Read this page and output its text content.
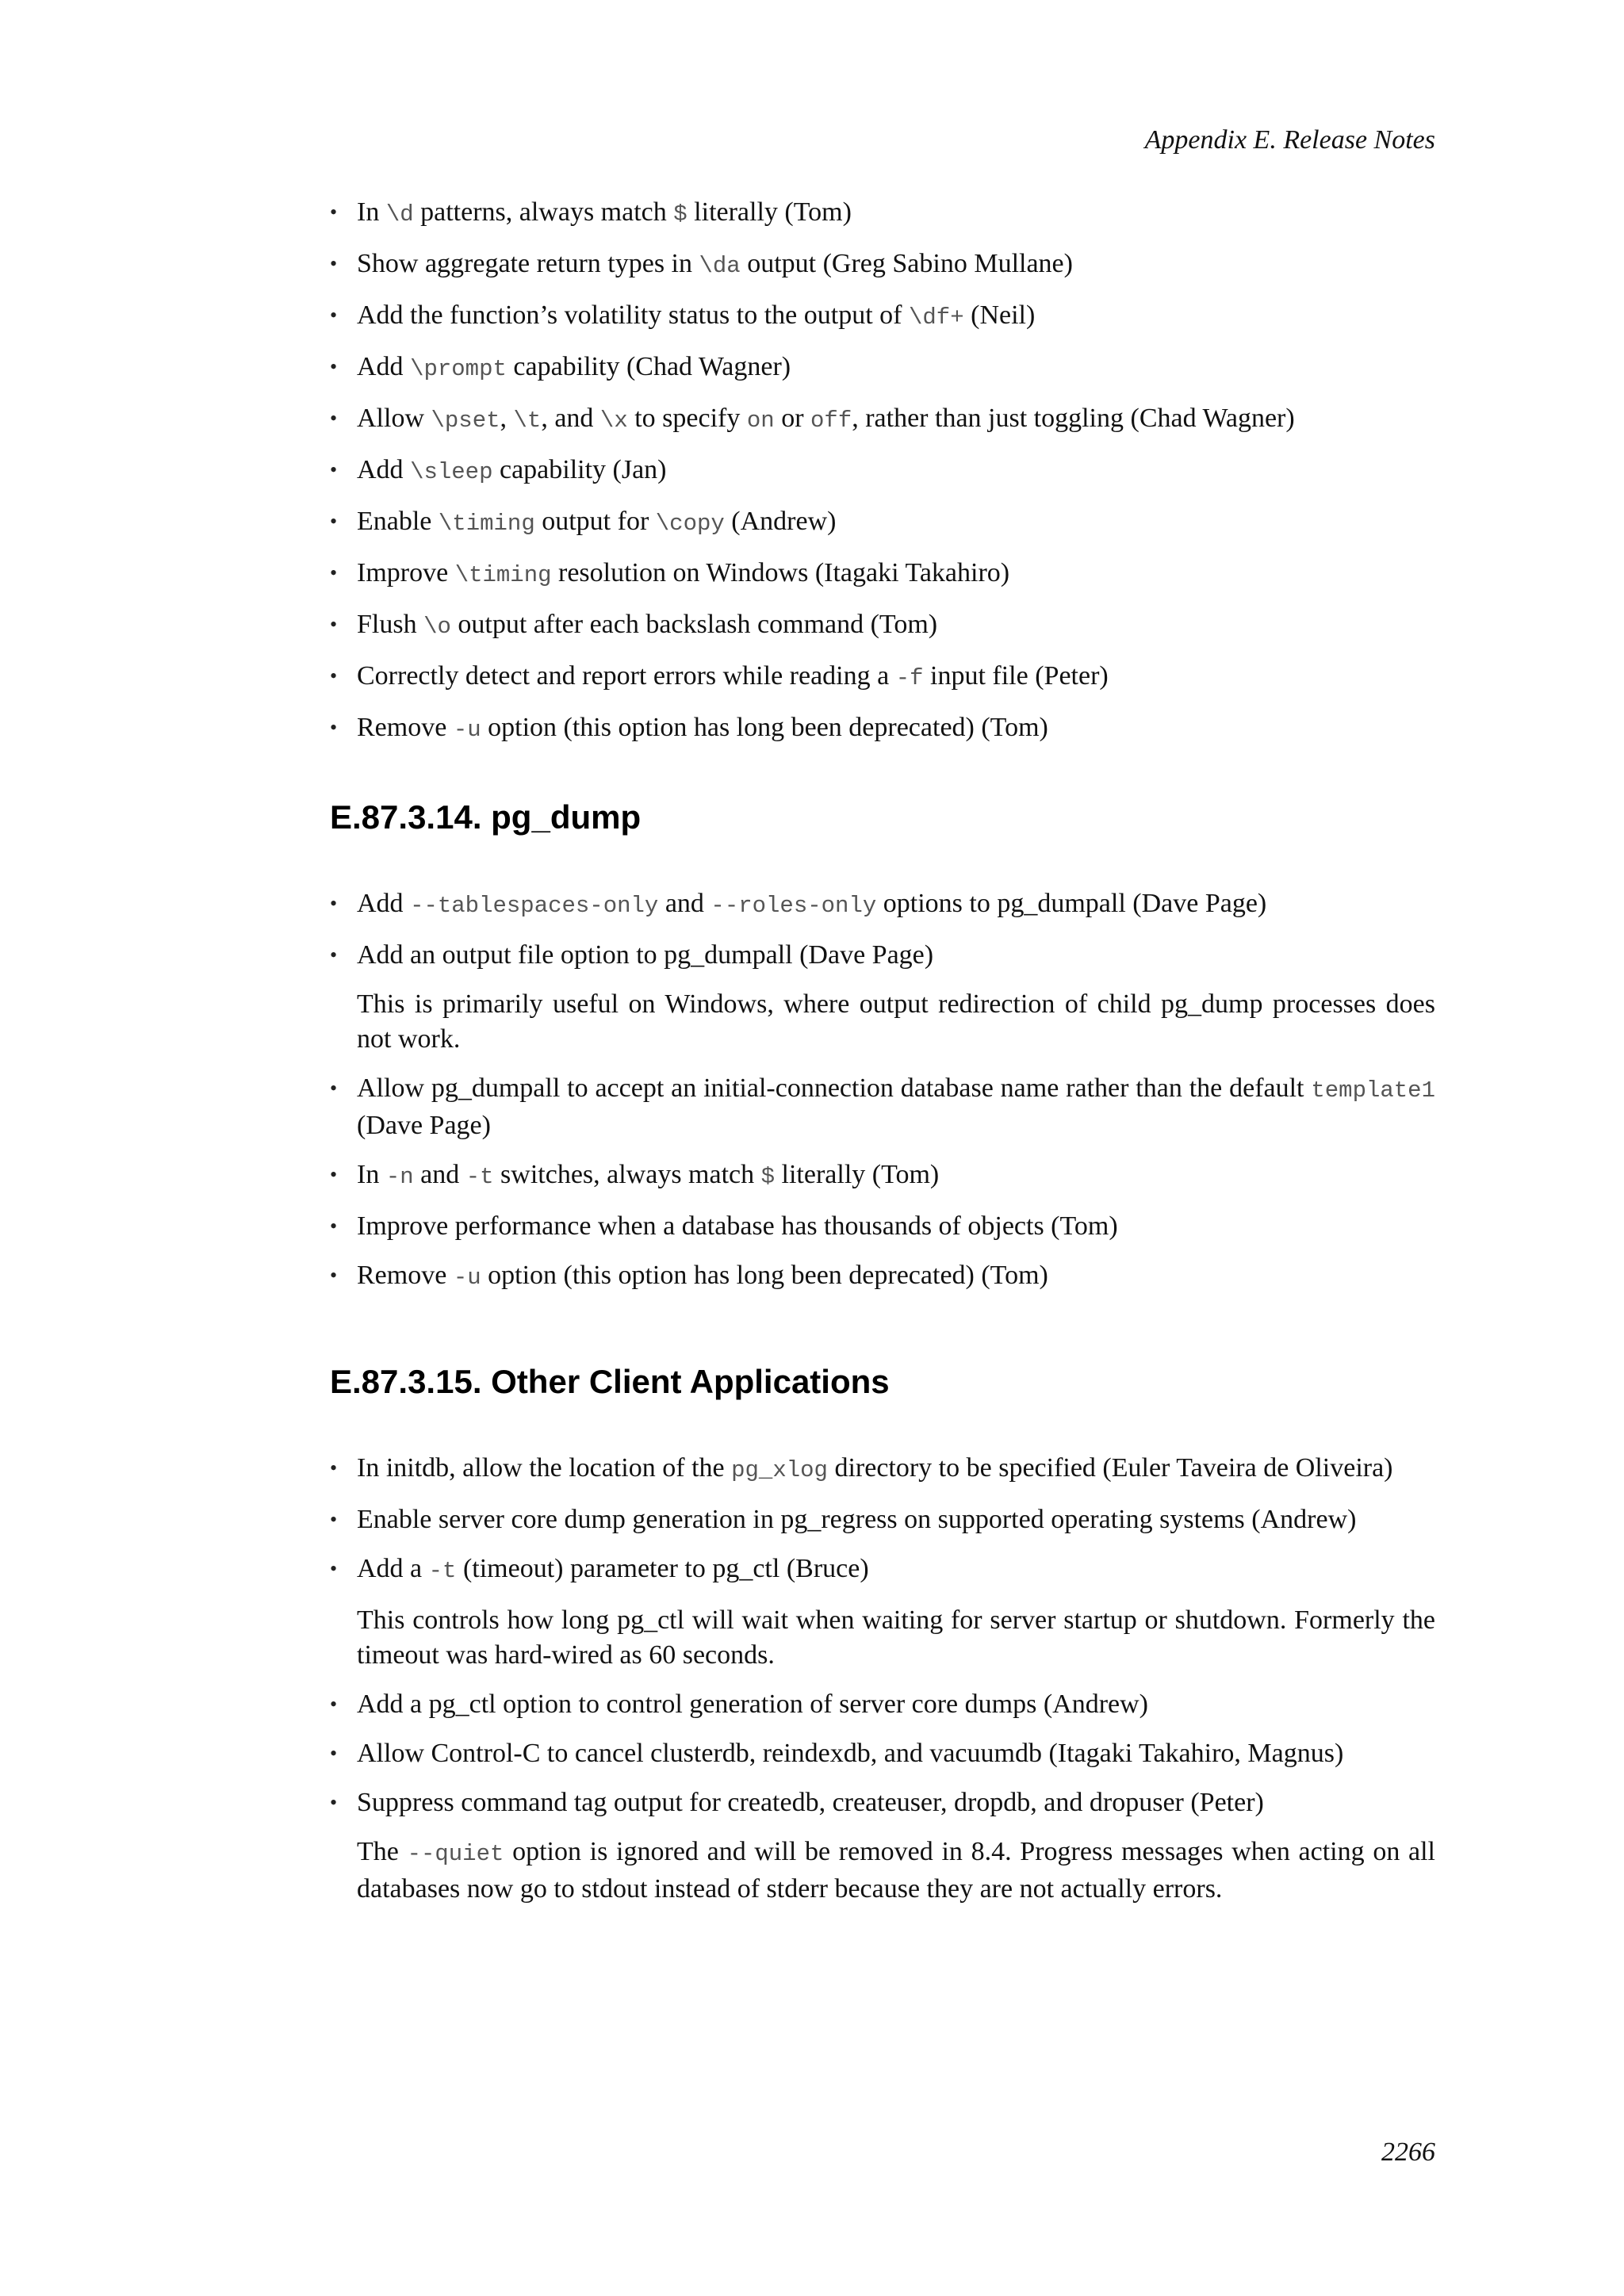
Appendix E. Release Notes
• In \d patterns, always match $ literally (Tom)
• Show aggregate return types in \da output (Greg Sabino Mullane)
• Add the function’s volatility status to the output of \df+ (Neil)
• Add \prompt capability (Chad Wagner)
• Allow \pset, \t, and \x to specify on or off, rather than just toggling (Chad Wagner)
• Add \sleep capability (Jan)
• Enable \timing output for \copy (Andrew)
• Improve \timing resolution on Windows (Itagaki Takahiro)
• Flush \o output after each backslash command (Tom)
• Correctly detect and report errors while reading a -f input file (Peter)
• Remove -u option (this option has long been deprecated) (Tom)
E.87.3.14. pg_dump
• Add --tablespaces-only and --roles-only options to pg_dumpall (Dave Page)
• Add an output file option to pg_dumpall (Dave Page)
This is primarily useful on Windows, where output redirection of child pg_dump processes does not work.
• Allow pg_dumpall to accept an initial-connection database name rather than the default template1 (Dave Page)
• In -n and -t switches, always match $ literally (Tom)
• Improve performance when a database has thousands of objects (Tom)
• Remove -u option (this option has long been deprecated) (Tom)
E.87.3.15. Other Client Applications
• In initdb, allow the location of the pg_xlog directory to be specified (Euler Taveira de Oliveira)
• Enable server core dump generation in pg_regress on supported operating systems (Andrew)
• Add a -t (timeout) parameter to pg_ctl (Bruce)
This controls how long pg_ctl will wait when waiting for server startup or shutdown. Formerly the timeout was hard-wired as 60 seconds.
• Add a pg_ctl option to control generation of server core dumps (Andrew)
• Allow Control-C to cancel clusterdb, reindexdb, and vacuumdb (Itagaki Takahiro, Magnus)
• Suppress command tag output for createdb, createuser, dropdb, and dropuser (Peter)
The --quiet option is ignored and will be removed in 8.4. Progress messages when acting on all databases now go to stdout instead of stderr because they are not actually errors.
2266
